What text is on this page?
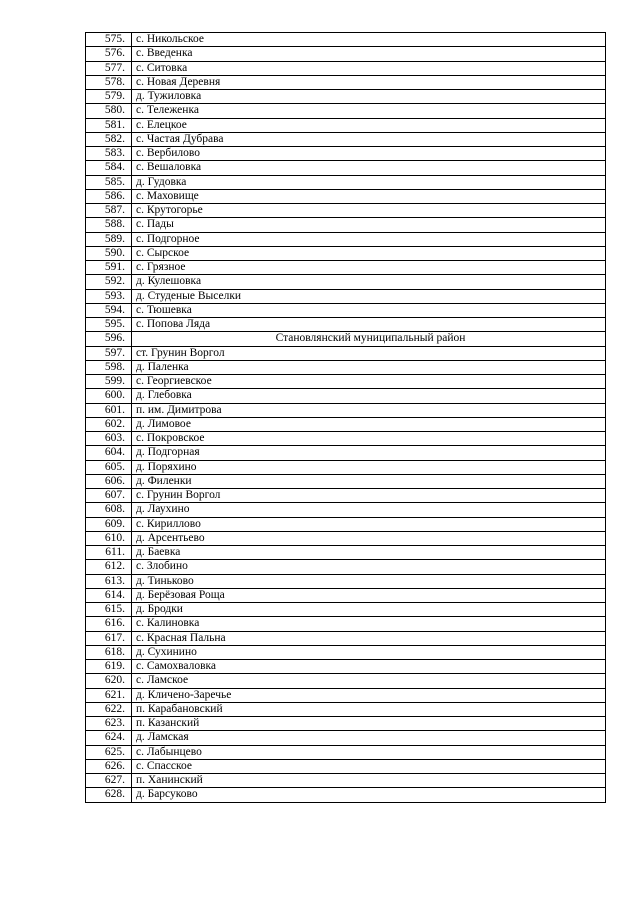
575.	с. Никольское
576.	с. Введенка
577.	с. Ситовка
578.	с. Новая Деревня
579.	д. Тужиловка
580.	с. Тележенка
581.	с. Елецкое
582.	с. Частая Дубрава
583.	с. Вербилово
584.	с. Вешаловка
585.	д. Гудовка
586.	с. Маховище
587.	с. Крутогорье
588.	с. Пады
589.	с. Подгорное
590.	с. Сырское
591.	с. Грязное
592.	д. Кулешовка
593.	д. Студеные Выселки
594.	с. Тюшевка
595.	с. Попова Ляда
596.	Становлянский муниципальный район
597.	ст. Грунин Воргол
598.	д. Паленка
599.	с. Георгиевское
600.	д. Глебовка
601.	п. им. Димитрова
602.	д. Лимовое
603.	с. Покровское
604.	д. Подгорная
605.	д. Поряхино
606.	д. Филенки
607.	с. Грунин Воргол
608.	д. Лаухино
609.	с. Кириллово
610.	д. Арсентьево
611.	д. Баевка
612.	с. Злобино
613.	д. Тиньково
614.	д. Берёзовая Роща
615.	д. Бродки
616.	с. Калиновка
617.	с. Красная Пальна
618.	д. Сухинино
619.	с. Самохваловка
620.	с. Ламское
621.	д. Кличено-Заречье
622.	п. Карабановский
623.	п. Казанский
624.	д. Ламская
625.	с. Лабынцево
626.	с. Спасское
627.	п. Ханинский
628.	д. Барсуково
